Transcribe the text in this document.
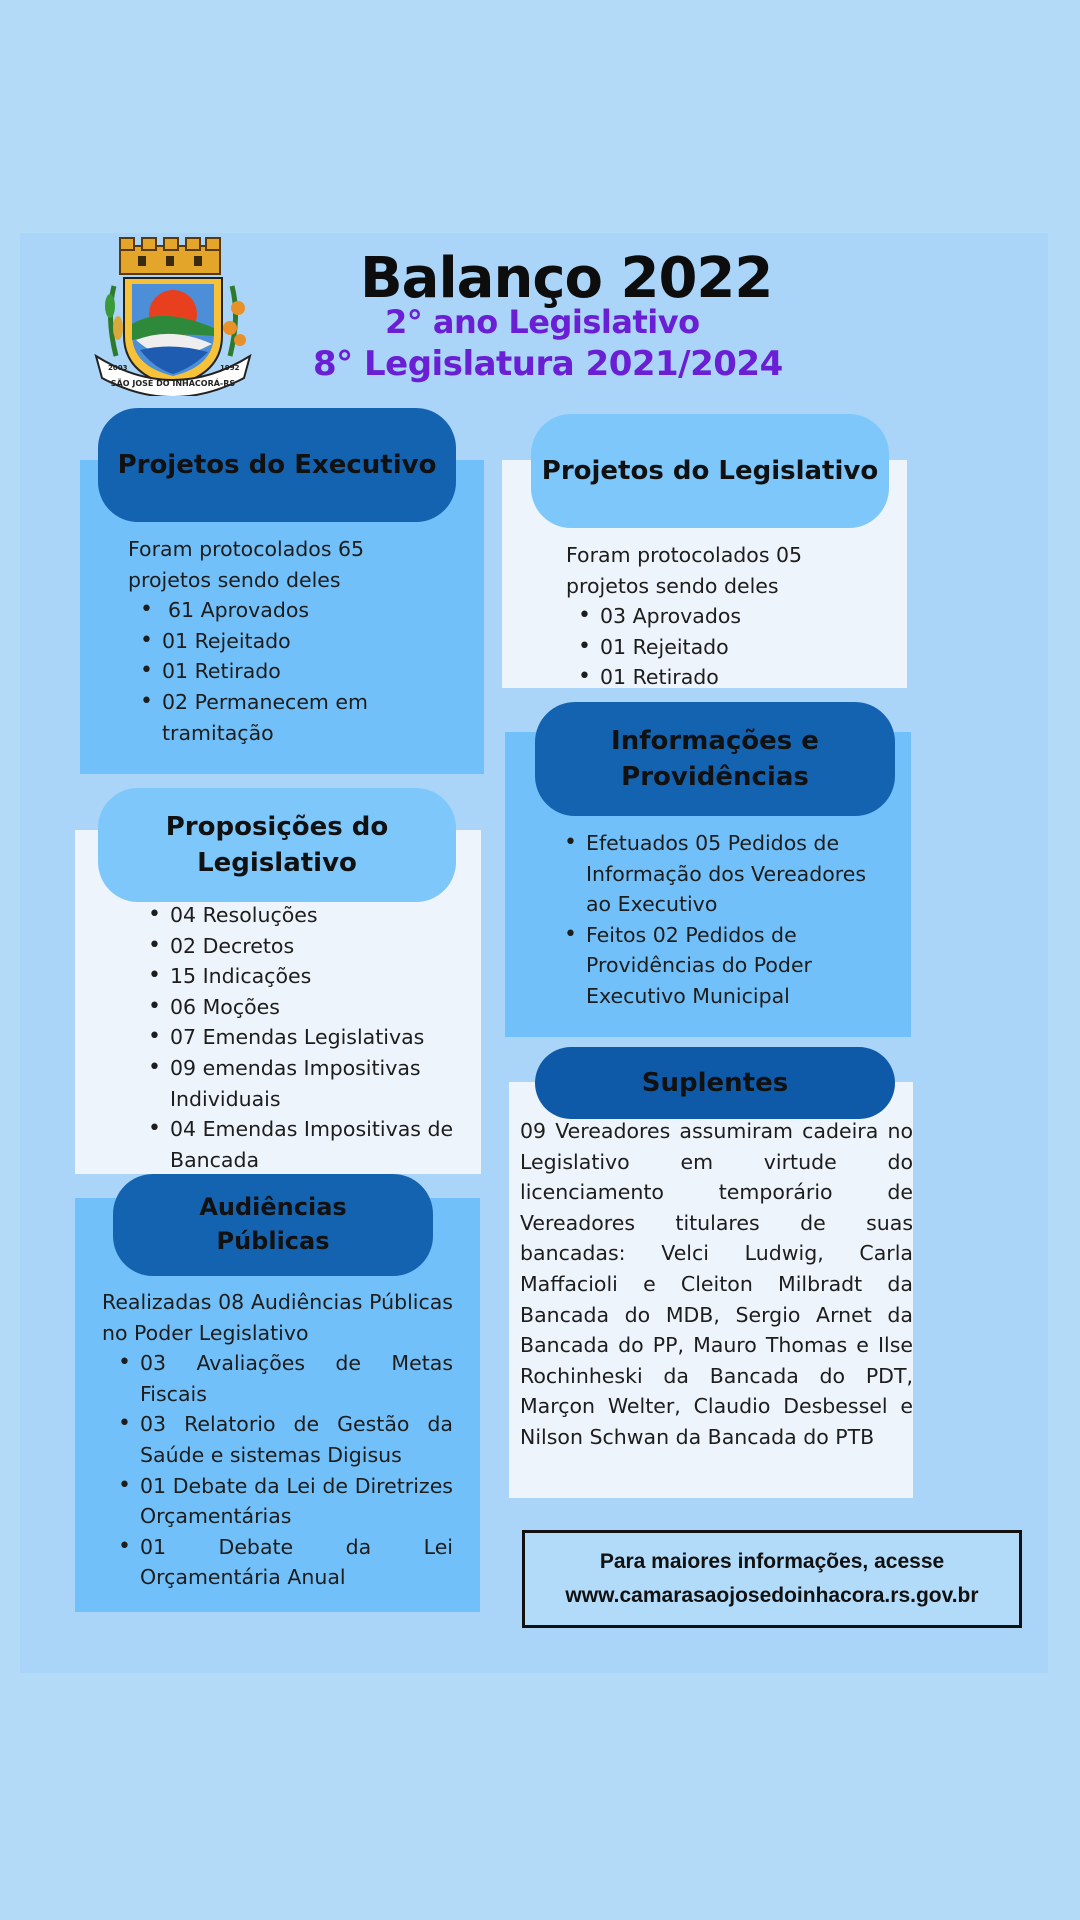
SÃO JOSÉ DO INHACORÁ-RS
2003	1992
Balanço 2022
2° ano Legislativo
8° Legislatura 2021/2024
Projetos do Executivo
Foram protocolados 65 projetos sendo deles
• 61 Aprovados
• 01 Rejeitado
• 01 Retirado
• 02 Permanecem em tramitação
Projetos do Legislativo
Foram protocolados 05 projetos sendo deles
• 03 Aprovados
• 01 Rejeitado
• 01 Retirado
Informações e Providências
• Efetuados 05 Pedidos de Informação dos Vereadores ao Executivo
• Feitos 02 Pedidos de Providências do Poder Executivo Municipal
Proposições do Legislativo
• 04 Resoluções
• 02 Decretos
• 15 Indicações
• 06 Moções
• 07 Emendas Legislativas
• 09 emendas Impositivas Individuais
• 04 Emendas Impositivas de Bancada
Suplentes
09 Vereadores assumiram cadeira no Legislativo em virtude do licenciamento temporário de Vereadores titulares de suas bancadas: Velci Ludwig, Carla Maffacioli e Cleiton Milbradt da Bancada do MDB, Sergio Arnet da Bancada do PP, Mauro Thomas e Ilse Rochinheski da Bancada do PDT, Marçon Welter, Claudio Desbessel e Nilson Schwan da Bancada do PTB
Audiências Públicas
Realizadas 08 Audiências Públicas no Poder Legislativo
• 03 Avaliações de Metas Fiscais
• 03 Relatorio de Gestão da Saúde e sistemas Digisus
• 01 Debate da Lei de Diretrizes Orçamentárias
• 01 Debate da Lei Orçamentária Anual
Para maiores informações, acesse
www.camarasaojosedoinhacora.rs.gov.br
